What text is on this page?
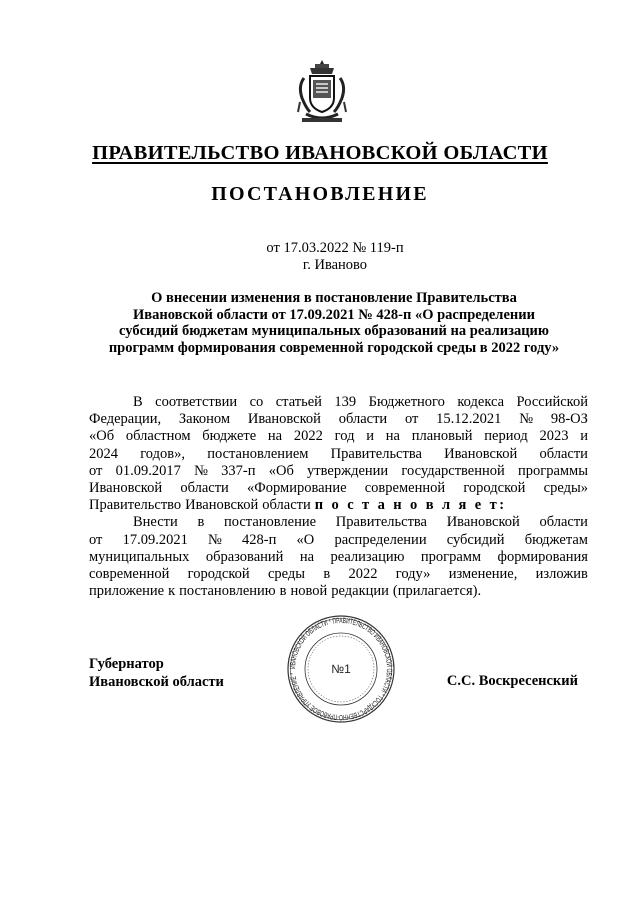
ПРАВИТЕЛЬСТВО ИВАНОВСКОЙ ОБЛАСТИ
ПОСТАНОВЛЕНИЕ
от 17.03.2022 № 119-п
г. Иваново
О внесении изменения в постановление Правительства
Ивановской области от 17.09.2021 № 428-п «О распределении
субсидий бюджетам муниципальных образований на реализацию
программ формирования современной городской среды в 2022 году»
В соответствии со статьей 139 Бюджетного кодекса Российской
Федерации, Законом Ивановской области от 15.12.2021 № 98-ОЗ
«Об областном бюджете на 2022 год и на плановый период 2023 и
2024 годов», постановлением Правительства Ивановской области
от 01.09.2017 № 337-п «Об утверждении государственной программы
Ивановской области «Формирование современной городской среды»
Правительство Ивановской области п о с т а н о в л я е т:
Внести в постановление Правительства Ивановской области
от 17.09.2021 № 428-п «О распределении субсидий бюджетам
муниципальных образований на реализацию программ формирования
современной городской среды в 2022 году» изменение, изложив
приложение к постановлению в новой редакции (прилагается).
Губернатор
Ивановской области
ИВАНОВСКОЙ ОБЛАСТИ * ПРАВИТЕЛЬСТВО ИВАНОВСКОЙ ОБЛАСТИ * ГОСУДАРСТВЕННО-ПРАВОВОЕ УПРАВЛЕНИЕ *	№1
С.С. Воскресенский
